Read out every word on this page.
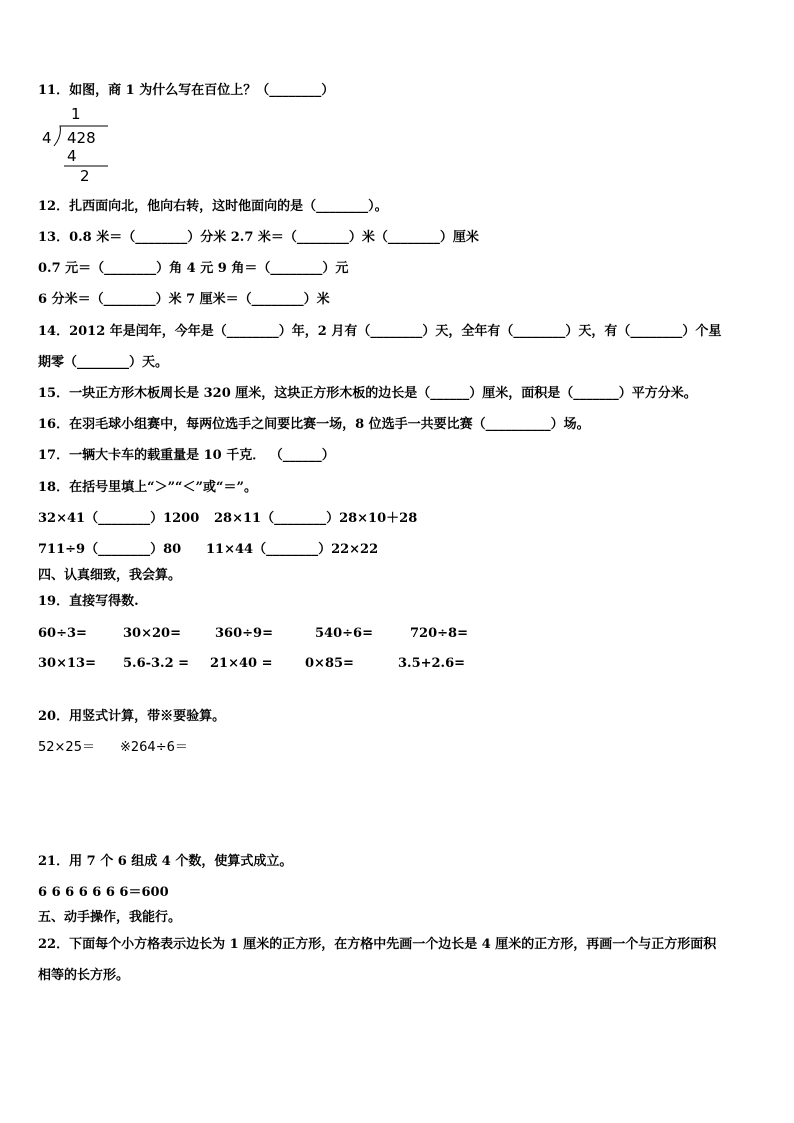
11．如图，商 1 为什么写在百位上？（________）
1
4 428
4
2
12．扎西面向北，他向右转，这时他面向的是（________）。
13．0.8 米＝（________）分米 2.7 米＝（________）米（________）厘米
0.7 元＝（________）角 4 元 9 角＝（________）元
6 分米＝（________）米 7 厘米＝（________）米
14．2012 年是闰年，今年是（________）年，2 月有（________）天，全年有（________）天，有（________）个星
期零（________）天。
15．一块正方形木板周长是 320 厘米，这块正方形木板的边长是（______）厘米，面积是（_______）平方分米。
16．在羽毛球小组赛中，每两位选手之间要比赛一场，8 位选手一共要比赛（__________）场。
17．一辆大卡车的载重量是 10 千克． （______）
18．在括号里填上“＞”“＜”或“＝”。
32×41（________）1200 28×11（________）28×10＋28
711÷9（________）80 11×44（________）22×22
四、认真细致，我会算。
19．直接写得数.
60÷3=	30×20=	360÷9=	540÷6=	720÷8=
30×13= 5.6-3.2 = 21×40 =	0×85=	3.5+2.6=
20．用竖式计算，带※要验算。
52×25＝ ※264÷6＝
21．用 7 个 6 组成 4 个数，使算式成立。
6 6 6 6 6 6 6＝600
五、动手操作，我能行。
22．下面每个小方格表示边长为 1 厘米的正方形，在方格中先画一个边长是 4 厘米的正方形，再画一个与正方形面积
相等的长方形。
